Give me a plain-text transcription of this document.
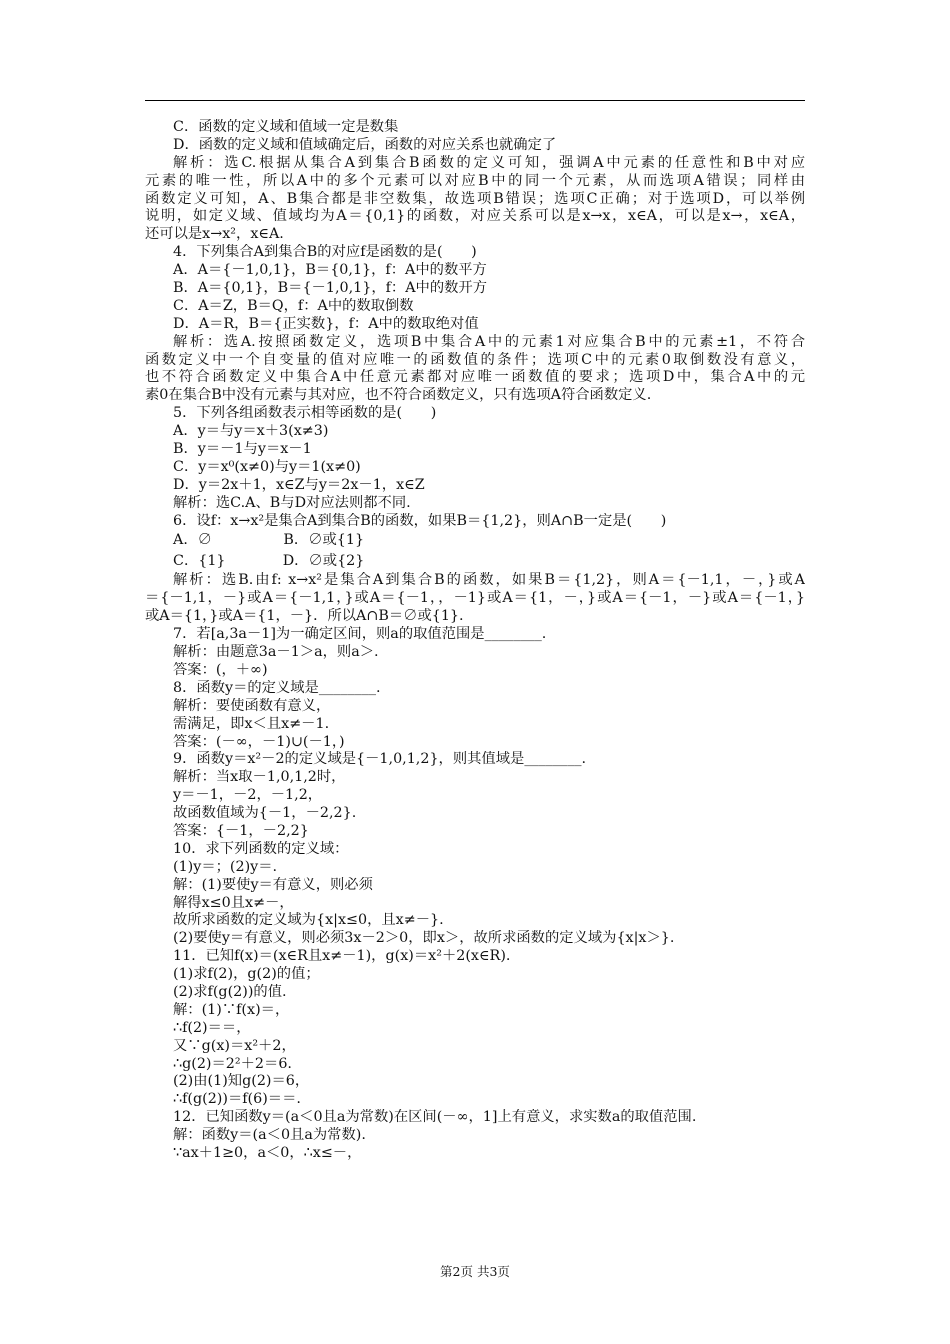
C．函数的定义域和值域一定是数集
D．函数的定义域和值域确定后，函数的对应关系也就确定了
解析：选C.根据从集合A到集合B函数的定义可知，强调A中元素的任意性和B中对应
元素的唯一性，所以A中的多个元素可以对应B中的同一个元素，从而选项A错误；同样由
函数定义可知，A、B集合都是非空数集，故选项B错误；选项C正确；对于选项D，可以举例
说明，如定义域、值域均为A＝{0,1}的函数，对应关系可以是x→x，x∈A，可以是x→，x∈A，
还可以是x→x²，x∈A.
4．下列集合A到集合B的对应f是函数的是(　　)
A．A＝{－1,0,1}，B＝{0,1}，f：A中的数平方
B．A＝{0,1}，B＝{－1,0,1}，f：A中的数开方
C．A＝Z，B＝Q，f：A中的数取倒数
D．A＝R，B＝{正实数}，f：A中的数取绝对值
解析：选A.按照函数定义，选项B中集合A中的元素1对应集合B中的元素±1，不符合
函数定义中一个自变量的值对应唯一的函数值的条件；选项C中的元素0取倒数没有意义，
也不符合函数定义中集合A中任意元素都对应唯一函数值的要求；选项D中，集合A中的元
素0在集合B中没有元素与其对应，也不符合函数定义，只有选项A符合函数定义.
5．下列各组函数表示相等函数的是(　　)
A．y＝与y＝x＋3(x≠3)
B．y＝－1与y＝x－1
C．y＝x⁰(x≠0)与y＝1(x≠0)
D．y＝2x＋1，x∈Z与y＝2x－1，x∈Z
解析：选C.A、B与D对应法则都不同.
6．设f：x→x²是集合A到集合B的函数，如果B＝{1,2}，则A∩B一定是(　　)
A．∅　　　　　B．∅或{1}
C．{1}　　　　D．∅或{2}
解析：选B.由f: x→x²是集合A到集合B的函数，如果B＝{1,2}，则A＝{－1,1，－，}或A
＝{－1,1，－}或A＝{－1,1，}或A＝{－1，，－1}或A＝{1，－，}或A＝{－1，－}或A＝{－1，}
或A＝{1，}或A＝{1，－}．所以A∩B＝∅或{1}.
7．若[a,3a－1]为一确定区间，则a的取值范围是________.
解析：由题意3a－1＞a，则a＞.
答案：(，＋∞)
8．函数y＝的定义域是________.
解析：要使函数有意义，
需满足，即x＜且x≠－1.
答案：(－∞，－1)∪(－1，)
9．函数y＝x²－2的定义域是{－1,0,1,2}，则其值域是________.
解析：当x取－1,0,1,2时，
y＝－1，－2，－1,2，
故函数值域为{－1，－2,2}.
答案：{－1，－2,2}
10．求下列函数的定义域：
(1)y＝；(2)y＝.
解：(1)要使y＝有意义，则必须
解得x≤0且x≠－，
故所求函数的定义域为{x|x≤0，且x≠－}.
(2)要使y＝有意义，则必须3x－2＞0，即x＞，故所求函数的定义域为{x|x＞}.
11．已知f(x)＝(x∈R且x≠－1)，g(x)＝x²＋2(x∈R).
(1)求f(2)，g(2)的值；
(2)求f(g(2))的值.
解：(1)∵f(x)＝，
∴f(2)＝＝，
又∵g(x)＝x²＋2，
∴g(2)＝2²＋2＝6.
(2)由(1)知g(2)＝6，
∴f(g(2))＝f(6)＝＝.
12．已知函数y＝(a＜0且a为常数)在区间(－∞，1]上有意义，求实数a的取值范围.
解：函数y＝(a＜0且a为常数).
∵ax＋1≥0，a＜0，∴x≤－，
第2页 共3页
